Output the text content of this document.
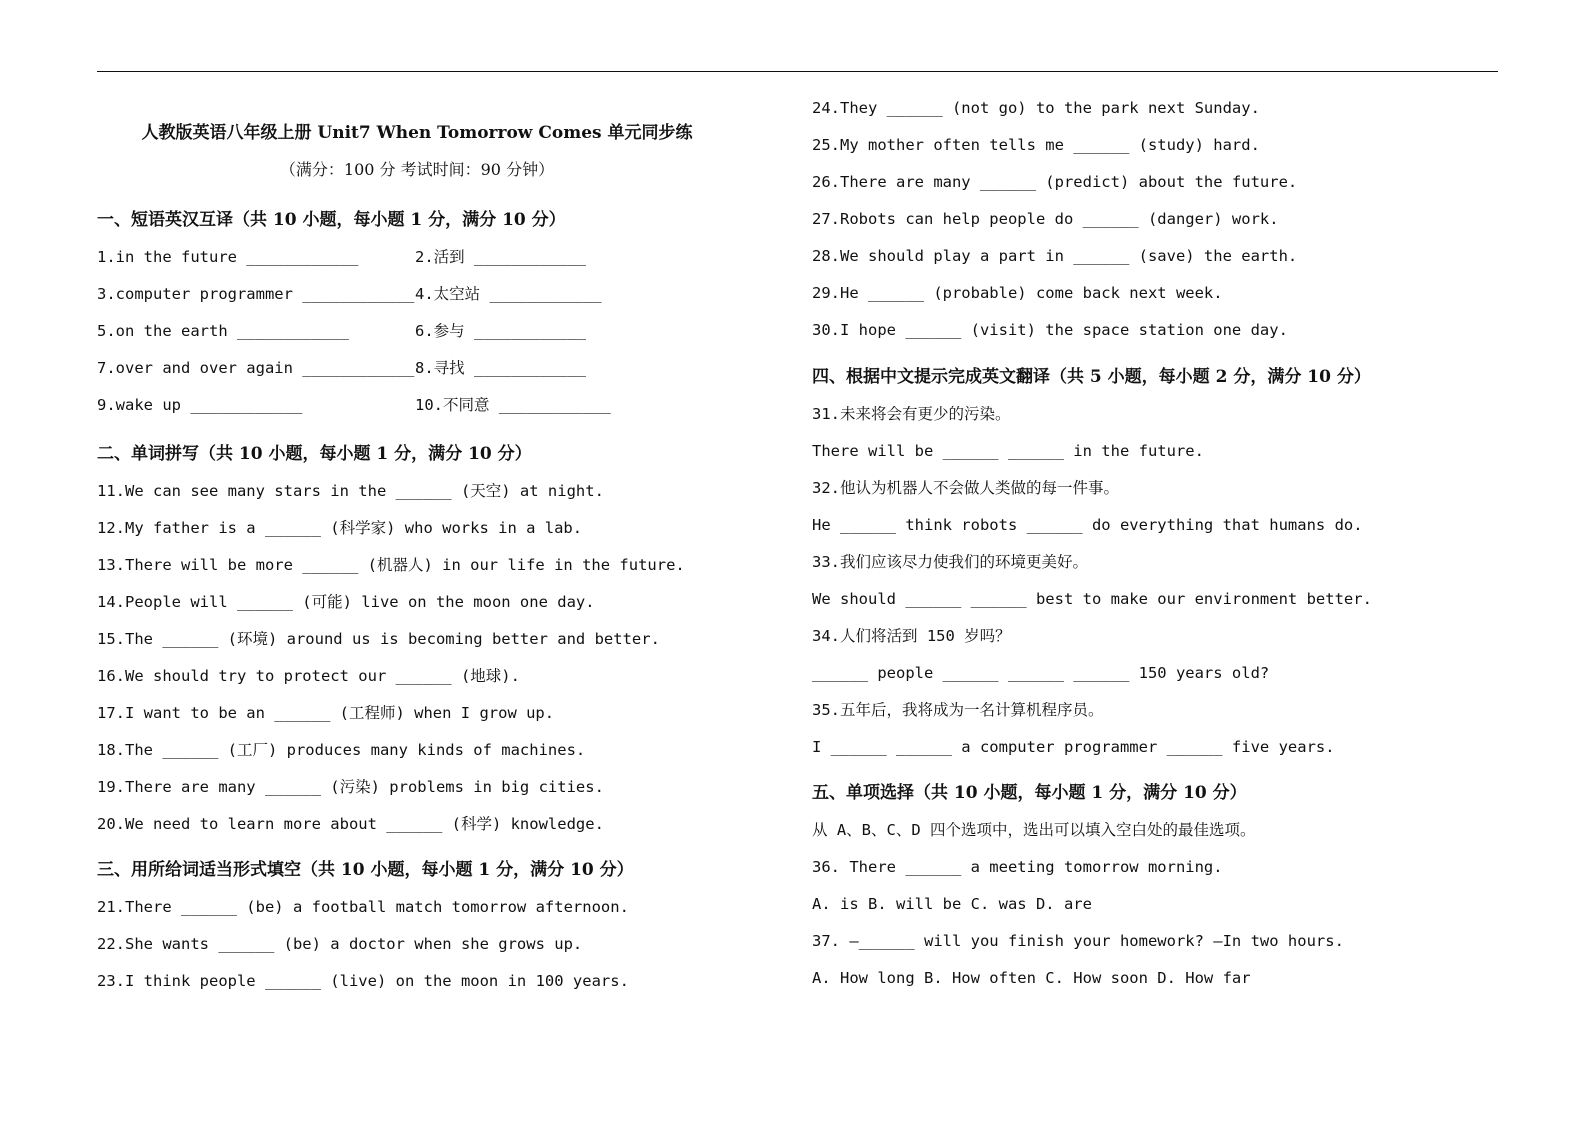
人教版英语八年级上册 Unit7 When Tomorrow Comes 单元同步练
（满分：100 分 考试时间：90 分钟）
一、短语英汉互译（共 10 小题，每小题 1 分，满分 10 分）
1.in the future ____________	2.活到 ____________
3.computer programmer ____________ 4.太空站 ____________
5.on the earth ____________	6.参与 ____________
7.over and over again ____________ 8.寻找 ____________
9.wake up ____________	10.不同意 ____________
二、单词拼写（共 10 小题，每小题 1 分，满分 10 分）
11.We can see many stars in the ______ (天空) at night.
12.My father is a ______ (科学家) who works in a lab.
13.There will be more ______ (机器人) in our life in the future.
14.People will ______ (可能) live on the moon one day.
15.The ______ (环境) around us is becoming better and better.
16.We should try to protect our ______ (地球).
17.I want to be an ______ (工程师) when I grow up.
18.The ______ (工厂) produces many kinds of machines.
19.There are many ______ (污染) problems in big cities.
20.We need to learn more about ______ (科学) knowledge.
三、用所给词适当形式填空（共 10 小题，每小题 1 分，满分 10 分）
21.There ______ (be) a football match tomorrow afternoon.
22.She wants ______ (be) a doctor when she grows up.
23.I think people ______ (live) on the moon in 100 years.
24.They ______ (not go) to the park next Sunday.
25.My mother often tells me ______ (study) hard.
26.There are many ______ (predict) about the future.
27.Robots can help people do ______ (danger) work.
28.We should play a part in ______ (save) the earth.
29.He ______ (probable) come back next week.
30.I hope ______ (visit) the space station one day.
四、根据中文提示完成英文翻译（共 5 小题，每小题 2 分，满分 10 分）
31.未来将会有更少的污染。
There will be ______ ______ in the future.
32.他认为机器人不会做人类做的每一件事。
He ______ think robots ______ do everything that humans do.
33.我们应该尽力使我们的环境更美好。
We should ______ ______ best to make our environment better.
34.人们将活到 150 岁吗？
______ people ______ ______ ______ 150 years old?
35.五年后，我将成为一名计算机程序员。
I ______ ______ a computer programmer ______ five years.
五、单项选择（共 10 小题，每小题 1 分，满分 10 分）
从 A、B、C、D 四个选项中，选出可以填入空白处的最佳选项。
36. There ______ a meeting tomorrow morning.
A. is B. will be C. was D. are
37. —______ will you finish your homework? —In two hours.
A. How long B. How often C. How soon D. How far
